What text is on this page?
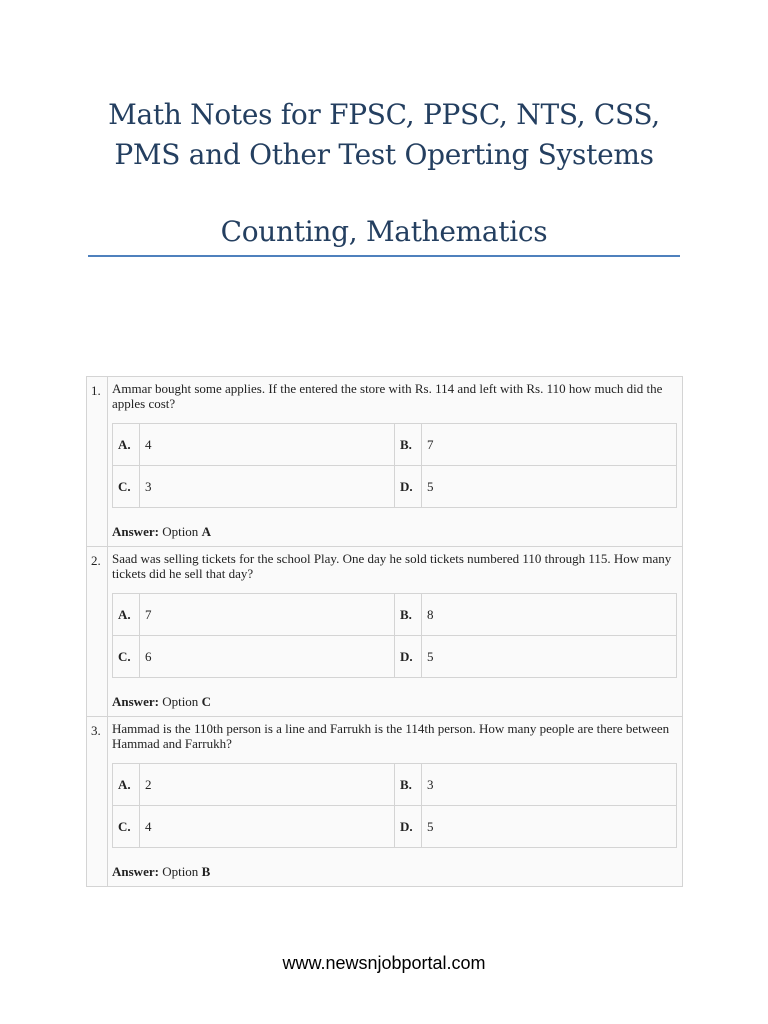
Math Notes for FPSC, PPSC, NTS, CSS,
PMS and Other Test Operting Systems
Counting, Mathematics
1.	Ammar bought some applies. If the entered the store with Rs. 114 and left with Rs. 110 how much did the apples cost?
A.	4	B.	7
C.	3	D.	5
Answer: Option A

2.	Saad was selling tickets for the school Play. One day he sold tickets numbered 110 through 115. How many tickets did he sell that day?
A.	7	B.	8
C.	6	D.	5
Answer: Option C

3.	Hammad is the 110th person is a line and Farrukh is the 114th person. How many people are there between Hammad and Farrukh?
A.	2	B.	3
C.	4	D.	5
Answer: Option B
www.newsnjobportal.com
